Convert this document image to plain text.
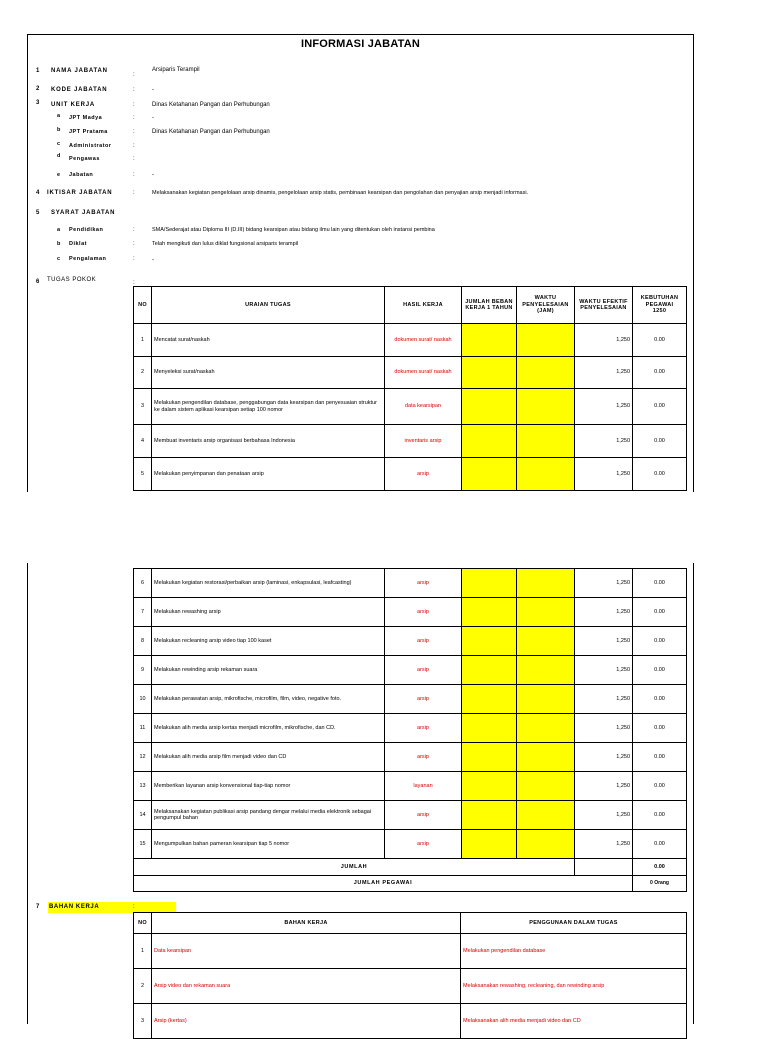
INFORMASI JABATAN
1 NAMA JABATAN
:
Arsiparis Terampil
2 KODE JABATAN	:	-
3 UNIT KERJA	:	Dinas Ketahanan Pangan dan Perhubungan
a JPT Madya	:	-
b JPT Pratama	:	Dinas Ketahanan Pangan dan Perhubungan
c Administrator	:
d Pengawas	:
e Jabatan	:	-
4 IKTISAR JABATAN	:	Melaksanakan kegiatan pengelolaan arsip dinamis, pengelolaan arsip statis, pembinaan kearsipan dan pengolahan dan penyajian arsip menjadi informasi.
5 SYARAT JABATAN
a Pendidikan	:	SMA/Sederajat atau Diploma III (D.III) bidang kearsipan atau bidang ilmu lain yang ditentukan oleh instansi pembina
b Diklat	:	Telah mengikuti dan lulus diklat fungsional arsiparis terampil
c Pengalaman	:	-
6 TUGAS POKOK	:
NO	URAIAN TUGAS	HASIL KERJA	JUMLAH BEBAN KERJA 1 TAHUN	WAKTU PENYELESAIAN (JAM)	WAKTU EFEKTIF PENYELESAIAN	KEBUTUHAN PEGAWAI
1250
1	Mencatat surat/naskah	dokumen surat/ naskah			1,250	0.00
2	Menyeleksi surat/naskah	dokumen surat/ naskah			1,250	0.00
3	Melakukan pengendilan database, penggabungan data kearsipan dan penyesuaian struktur ke dalam sistem aplikasi kearsipan setiap 100 nomor	data kearsipan			1,250	0.00
4	Membuat inventaris arsip organisasi berbahasa Indonesia	inventaris arsip			1,250	0.00
5	Melakukan penyimpanan dan penataan arsip	arsip			1,250	0.00
6	Melakukan kegiatan restorasi/perbaikan arsip (laminasi, enkapsulasi, leafcasting)	arsip			1,250	0.00
7	Melakukan rewashing arsip	arsip			1,250	0.00
8	Melakukan recleaning arsip video tiap 100 kaset	arsip			1,250	0.00
9	Melakukan rewinding arsip rekaman suara	arsip			1,250	0.00
10	Melakukan perawatan arsip, mikrofische, microfilm, film, video, negative foto.	arsip			1,250	0.00
11	Melakukan alih media arsip kertas menjadi microfilm, mikrofische, dan CD.	arsip			1,250	0.00
12	Melakukan alih media arsip film menjadi video dan CD	arsip			1,250	0.00
13	Memberikan layanan arsip konvensional tiap-tiap nomor	layanan			1,250	0.00
14	Melaksanakan kegiatan publikasi arsip pandang dengar melalui media elektronik sebagai pengumpul bahan	arsip			1,250	0.00
15	Mengumpulkan bahan pameran kearsipan tiap 5 nomor	arsip			1,250	0.00
JUMLAH						0.00
JUMLAH PEGAWAI						0 Orang
7 BAHAN KERJA	:
NO	BAHAN KERJA	PENGGUNAAN DALAM TUGAS
1	Data kearsipan	Melakukan pengendilan database
2	Arsip video dan rekaman suara	Melaksanakan rewashing, recleaning, dan rewinding arsip
3	Arsip (kertas)	Melaksanakan alih media menjadi video dan CD
